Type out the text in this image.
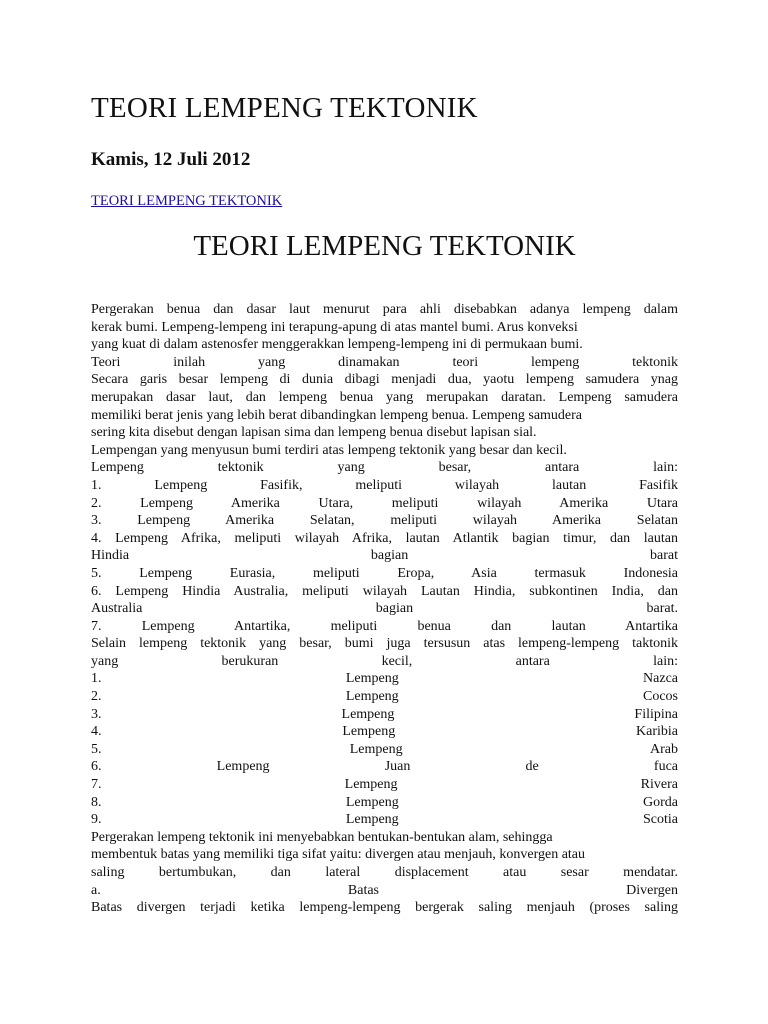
TEORI LEMPENG TEKTONIK
Kamis, 12 Juli 2012
TEORI LEMPENG TEKTONIK
TEORI LEMPENG TEKTONIK
Pergerakan benua dan dasar laut menurut para ahli disebabkan adanya lempeng dalam
kerak bumi. Lempeng-lempeng ini terapung-apung di atas mantel bumi. Arus konveksi
yang kuat di dalam astenosfer menggerakkan lempeng-lempeng ini di permukaan bumi.
Teori inilah yang dinamakan teori lempeng tektonik
Secara garis besar lempeng di dunia dibagi menjadi dua, yaotu lempeng samudera ynag
merupakan dasar laut, dan lempeng benua yang merupakan daratan. Lempeng samudera
memiliki berat jenis yang lebih berat dibandingkan lempeng benua. Lempeng samudera
sering kita disebut dengan lapisan sima dan lempeng benua disebut lapisan sial.
Lempengan yang menyusun bumi terdiri atas lempeng tektonik yang besar dan kecil.
Lempeng tektonik yang besar, antara lain:
1. Lempeng Fasifik, meliputi wilayah lautan Fasifik
2. Lempeng Amerika Utara, meliputi wilayah Amerika Utara
3. Lempeng Amerika Selatan, meliputi wilayah Amerika Selatan
4. Lempeng Afrika, meliputi wilayah Afrika, lautan Atlantik bagian timur, dan lautan
Hindia bagian barat
5. Lempeng Eurasia, meliputi Eropa, Asia termasuk Indonesia
6. Lempeng Hindia Australia, meliputi wilayah Lautan Hindia, subkontinen India, dan
Australia bagian barat.
7. Lempeng Antartika, meliputi benua dan lautan Antartika
Selain lempeng tektonik yang besar, bumi juga tersusun atas lempeng-lempeng taktonik
yang berukuran kecil, antara lain:
1. Lempeng Nazca
2. Lempeng Cocos
3. Lempeng Filipina
4. Lempeng Karibia
5. Lempeng Arab
6. Lempeng Juan de fuca
7. Lempeng Rivera
8. Lempeng Gorda
9. Lempeng Scotia
Pergerakan lempeng tektonik ini menyebabkan bentukan-bentukan alam, sehingga
membentuk batas yang memiliki tiga sifat yaitu: divergen atau menjauh, konvergen atau
saling bertumbukan, dan lateral displacement atau sesar mendatar.
a. Batas Divergen
Batas divergen terjadi ketika lempeng-lempeng bergerak saling menjauh (proses saling
